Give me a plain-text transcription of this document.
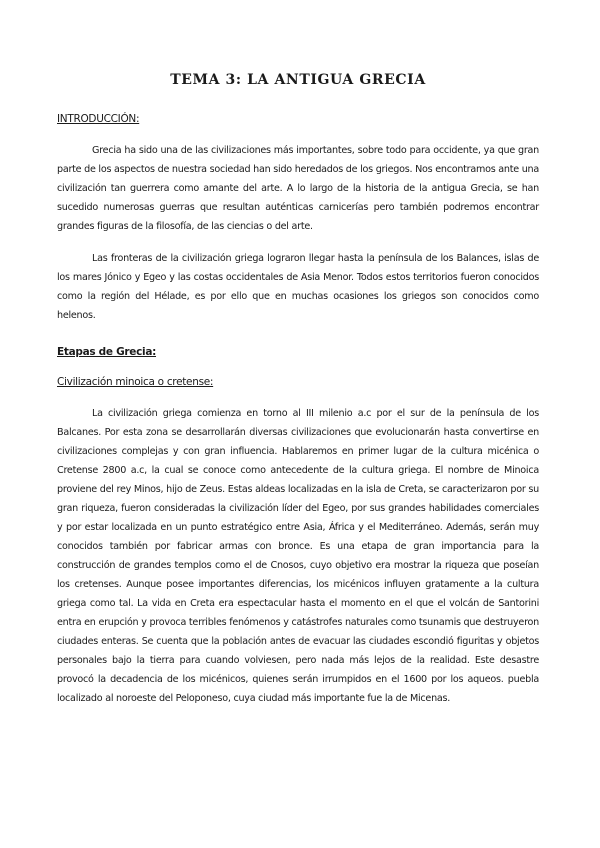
TEMA 3: LA ANTIGUA GRECIA
INTRODUCCIÓN:

Grecia ha sido una de las civilizaciones más importantes, sobre todo para occidente, ya que gran parte de los aspectos de nuestra sociedad han sido heredados de los griegos. Nos encontramos ante una civilización tan guerrera como amante del arte. A lo largo de la historia de la antigua Grecia, se han sucedido numerosas guerras que resultan auténticas carnicerías pero también podremos encontrar grandes figuras de la filosofía, de las ciencias o del arte.

Las fronteras de la civilización griega lograron llegar hasta la península de los Balances, islas de los mares Jónico y Egeo y las costas occidentales de Asia Menor. Todos estos territorios fueron conocidos como la región del Hélade, es por ello que en muchas ocasiones los griegos son conocidos como helenos.

Etapas de Grecia:
Civilización minoica o cretense:

La civilización griega comienza en torno al III milenio a.c por el sur de la península de los Balcanes. Por esta zona se desarrollarán diversas civilizaciones que evolucionarán hasta convertirse en civilizaciones complejas y con gran influencia. Hablaremos en primer lugar de la cultura micénica o Cretense 2800 a.c, la cual se conoce como antecedente de la cultura griega. El nombre de Minoica proviene del rey Minos, hijo de Zeus. Estas aldeas localizadas en la isla de Creta, se caracterizaron por su gran riqueza, fueron consideradas la civilización líder del Egeo, por sus grandes habilidades comerciales y por estar localizada en un punto estratégico entre Asia, África y el Mediterráneo. Además, serán muy conocidos también por fabricar armas con bronce. Es una etapa de gran importancia para la construcción de grandes templos como el de Cnosos, cuyo objetivo era mostrar la riqueza que poseían los cretenses. Aunque posee importantes diferencias, los micénicos influyen gratamente a la cultura griega como tal. La vida en Creta era espectacular hasta el momento en el que el volcán de Santorini entra en erupción y provoca terribles fenómenos y catástrofes naturales como tsunamis que destruyeron ciudades enteras. Se cuenta que la población antes de evacuar las ciudades escondió figuritas y objetos personales bajo la tierra para cuando volviesen, pero nada más lejos de la realidad. Este desastre provocó la decadencia de los micénicos, quienes serán irrumpidos en el 1600 por los aqueos. puebla localizado al noroeste del Peloponeso, cuya ciudad más importante fue la de Micenas.
